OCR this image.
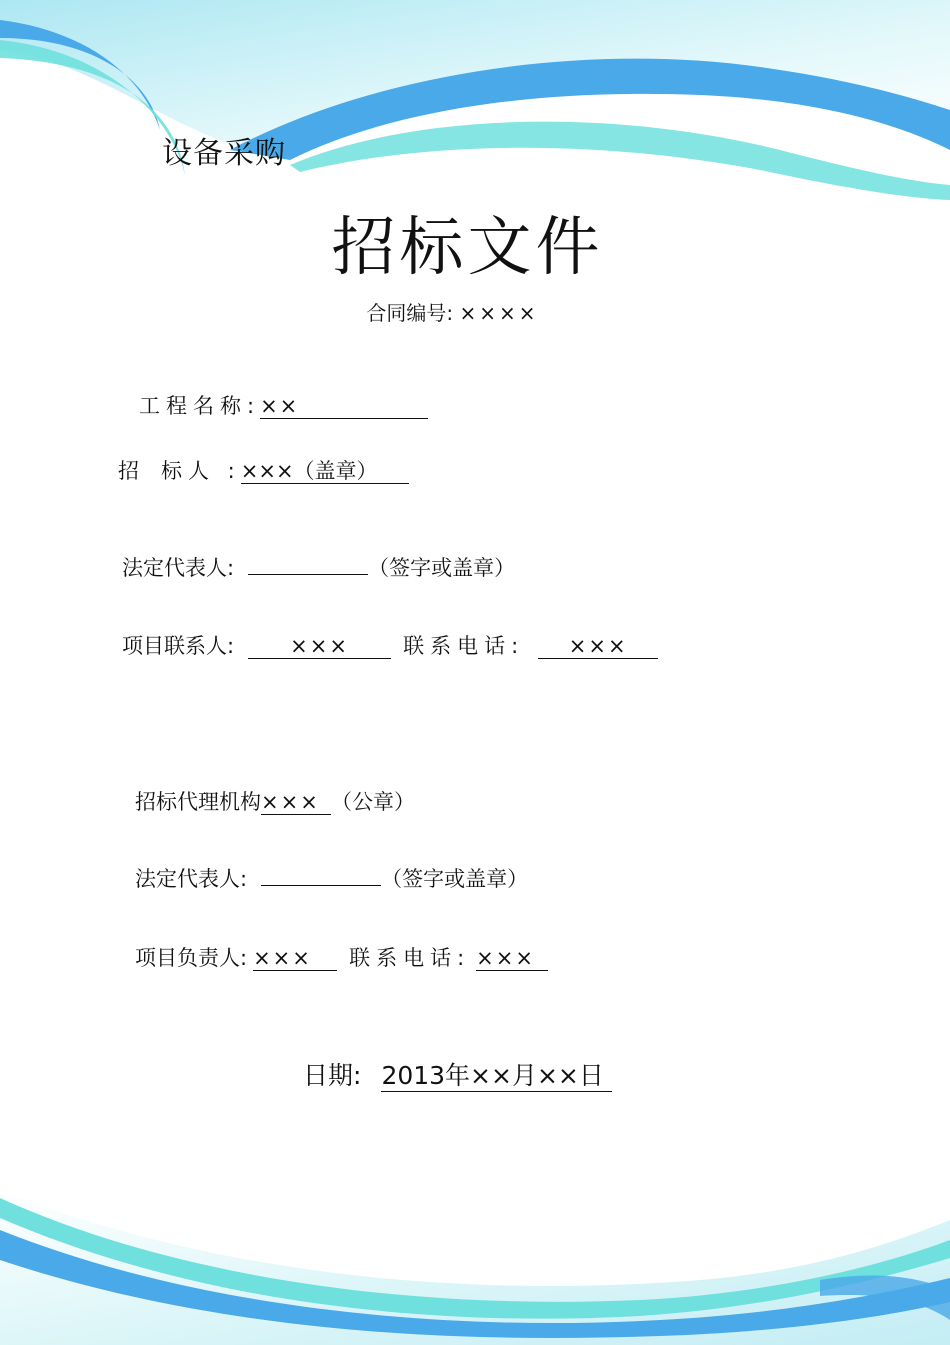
设备采购
招标文件
合同编号: ××××
工程名称:××
招 标人 :×××（盖章）
法定代表人:	（签字或盖章）
项目联系人:	×××	联系电话: ×××
招标代理机构××× （公章）
法定代表人:	（签字或盖章）
项目负责人: ××× 联系电话: ×××
日期: 2013年××月××日
